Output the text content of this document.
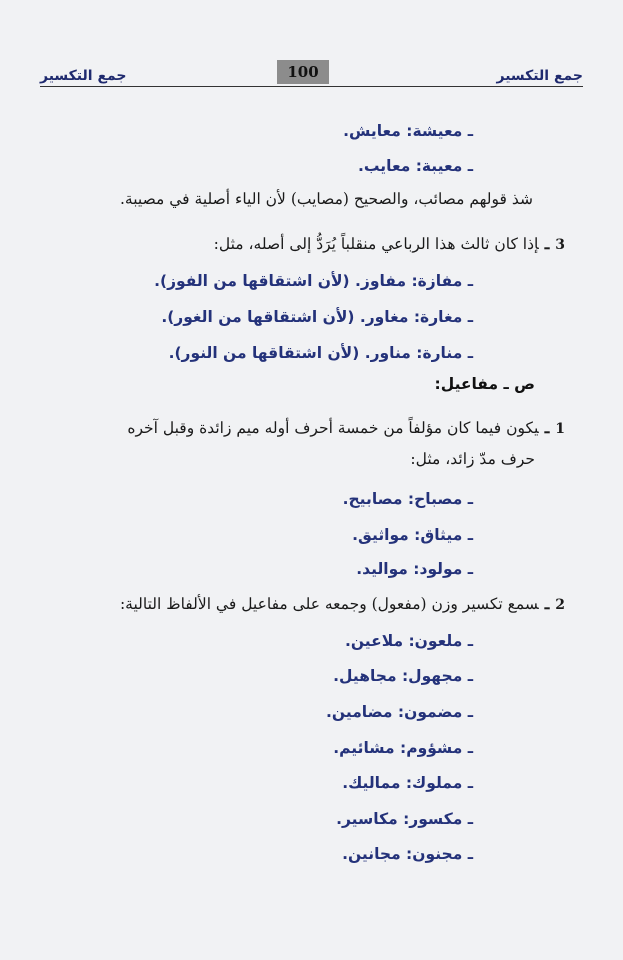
جمع التكسير
100
جمع التكسير
ـ معيشة: معايش.
ـ معيبة: معايب.
شذ قولهم مصائب، والصحيح (مصايب) لأن الياء أصلية في مصيبة.
3ـإذا كان ثالث هذا الرباعي منقلباً يُرَدُّ إلى أصله، مثل:
ـ مفازة: مفاوز. (لأن اشتقاقها من الفوز).
ـ مغارة: مغاور. (لأن اشتقاقها من الغور).
ـ منارة: مناور. (لأن اشتقاقها من النور).
ص ـ مفاعيل:
1ـيكون فيما كان مؤلفاً من خمسة أحرف أوله ميم زائدة وقبل آخره
حرف مدّ زائد، مثل:
ـ مصباح: مصابيح.
ـ ميثاق: مواثيق.
ـ مولود: مواليد.
2ـسمع تكسير وزن (مفعول) وجمعه على مفاعيل في الألفاظ التالية:
ـ ملعون: ملاعين.
ـ مجهول: مجاهيل.
ـ مضمون: مضامين.
ـ مشؤوم: مشائيم.
ـ مملوك: مماليك.
ـ مكسور: مكاسير.
ـ مجنون: مجانين.
